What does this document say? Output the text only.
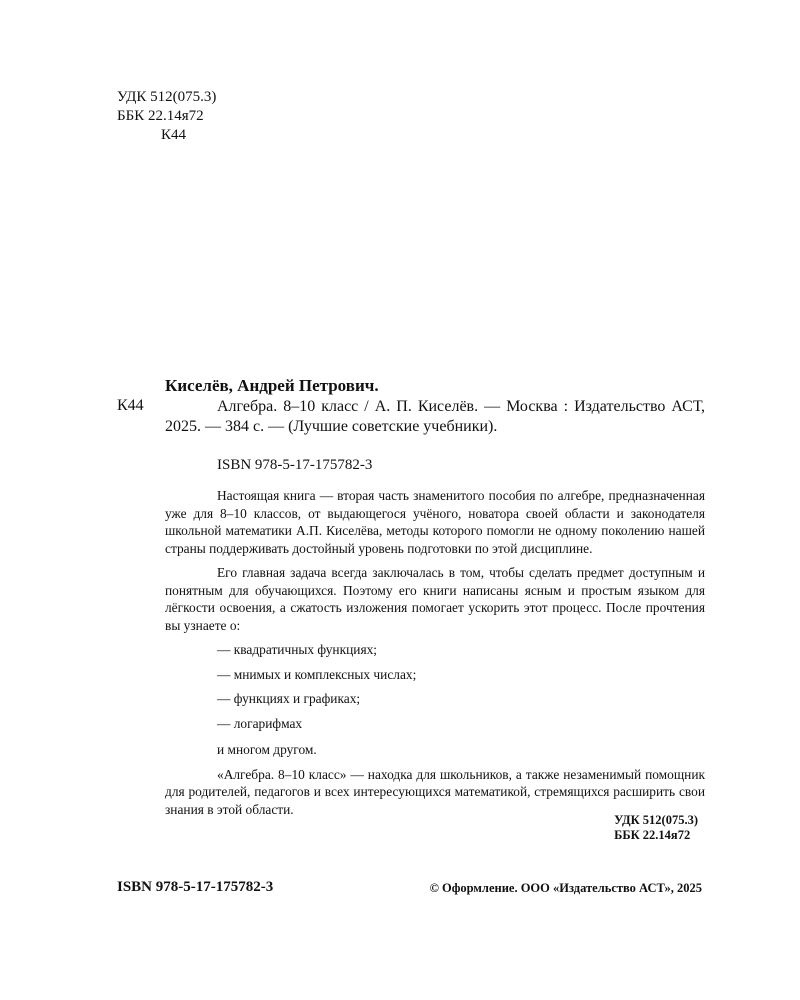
УДК 512(075.3)
ББК 22.14я72
К44
К44
Киселёв, Андрей Петрович.

Алгебра. 8–10 класс / А. П. Киселёв. — Москва : Издательство АСТ, 2025. — 384 с. — (Лучшие советские учебники).

ISBN 978-5-17-175782-3

Настоящая книга — вторая часть знаменитого пособия по алгебре, предназначенная уже для 8–10 классов, от выдающегося учёного, новатора своей области и законодателя школьной математики А.П. Киселёва, методы которого помогли не одному поколению нашей страны поддерживать достойный уровень подготовки по этой дисциплине.

Его главная задача всегда заключалась в том, чтобы сделать предмет доступным и понятным для обучающихся. Поэтому его книги написаны ясным и простым языком для лёгкости освоения, а сжатость изложения помогает ускорить этот процесс. После прочтения вы узнаете о:

— квадратичных функциях;

— мнимых и комплексных числах;

— функциях и графиках;

— логарифмах

и многом другом.

«Алгебра. 8–10 класс» — находка для школьников, а также незаменимый помощник для родителей, педагогов и всех интересующихся математикой, стремящихся расширить свои знания в этой области.

УДК 512(075.3)
ББК 22.14я72
ISBN 978-5-17-175782-3	© Оформление. ООО «Издательство АСТ», 2025
